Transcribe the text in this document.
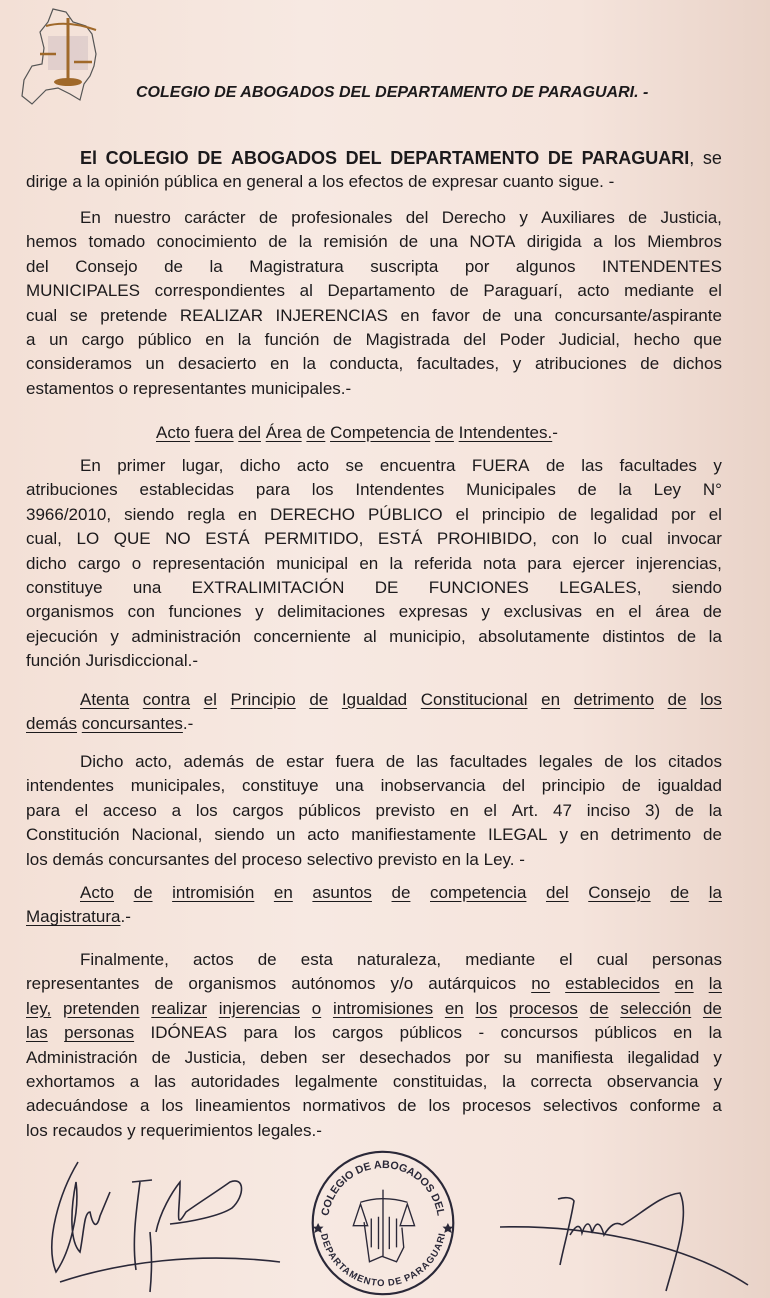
COLEGIO DE ABOGADOS DEL DEPARTAMENTO DE PARAGUARI. -
El COLEGIO DE ABOGADOS DEL DEPARTAMENTO DE PARAGUARI, se
dirige a la opinión pública en general a los efectos de expresar cuanto sigue. -
En nuestro carácter de profesionales del Derecho y Auxiliares de Justicia,
hemos tomado conocimiento de la remisión de una NOTA dirigida a los Miembros
del Consejo de la Magistratura suscripta por algunos INTENDENTES
MUNICIPALES correspondientes al Departamento de Paraguarí, acto mediante el
cual se pretende REALIZAR INJERENCIAS en favor de una concursante/aspirante
a un cargo público en la función de Magistrada del Poder Judicial, hecho que
consideramos un desacierto en la conducta, facultades, y atribuciones de dichos
estamentos o representantes municipales.-
Acto fuera del Área de Competencia de Intendentes.-
En primer lugar, dicho acto se encuentra FUERA de las facultades y
atribuciones establecidas para los Intendentes Municipales de la Ley N°
3966/2010, siendo regla en DERECHO PÚBLICO el principio de legalidad por el
cual, LO QUE NO ESTÁ PERMITIDO, ESTÁ PROHIBIDO, con lo cual invocar
dicho cargo o representación municipal en la referida nota para ejercer injerencias,
constituye una EXTRALIMITACIÓN DE FUNCIONES LEGALES, siendo
organismos con funciones y delimitaciones expresas y exclusivas en el área de
ejecución y administración concerniente al municipio, absolutamente distintos de la
función Jurisdiccional.-
Atenta contra el Principio de Igualdad Constitucional en detrimento de los
demás concursantes.-
Dicho acto, además de estar fuera de las facultades legales de los citados
intendentes municipales, constituye una inobservancia del principio de igualdad
para el acceso a los cargos públicos previsto en el Art. 47 inciso 3) de la
Constitución Nacional, siendo un acto manifiestamente ILEGAL y en detrimento de
los demás concursantes del proceso selectivo previsto en la Ley. -
Acto de intromisión en asuntos de competencia del Consejo de la
Magistratura.-
Finalmente, actos de esta naturaleza, mediante el cual personas
representantes de organismos autónomos y/o autárquicos no establecidos en la
ley, pretenden realizar injerencias o intromisiones en los procesos de selección de
las personas IDÓNEAS para los cargos públicos - concursos públicos en la
Administración de Justicia, deben ser desechados por su manifiesta ilegalidad y
exhortamos a las autoridades legalmente constituidas, la correcta observancia y
adecuándose a los lineamientos normativos de los procesos selectivos conforme a
los recaudos y requerimientos legales.-
COLEGIO DE ABOGADOS DEL
DEPARTAMENTO DE PARAGUARI
